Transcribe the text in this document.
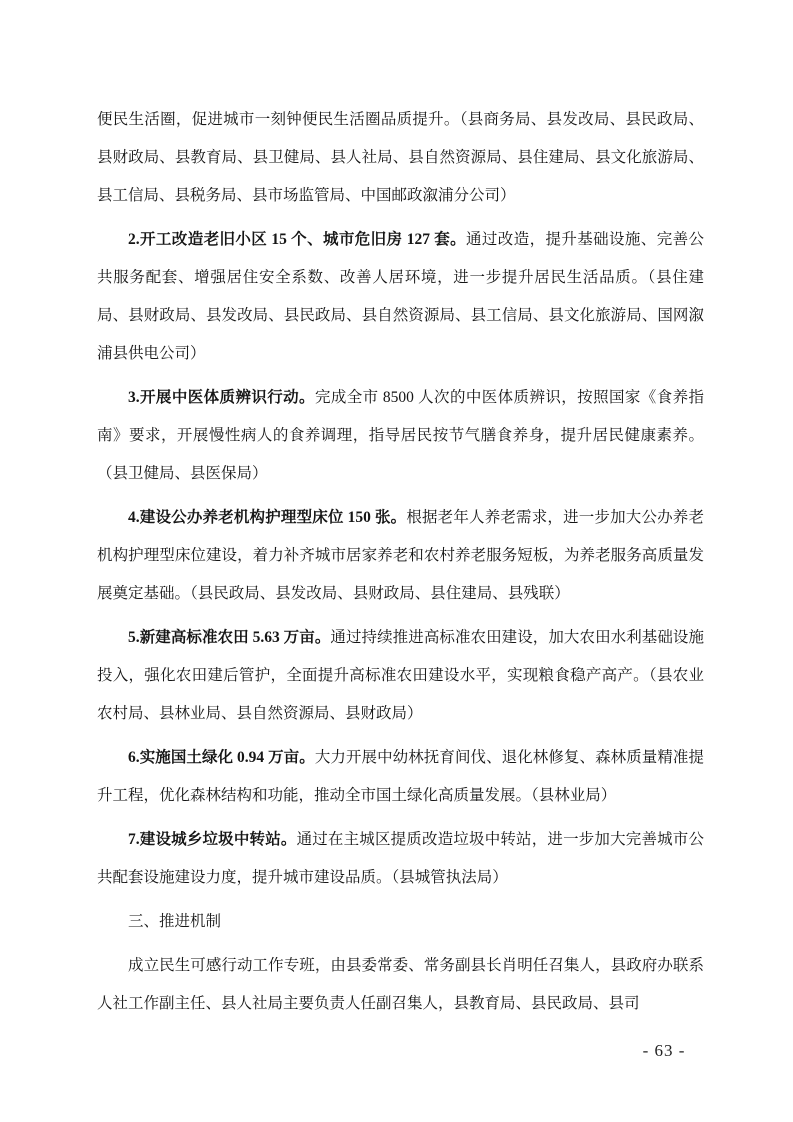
便民生活圈，促进城市一刻钟便民生活圈品质提升。（县商务局、县发改局、县民政局、县财政局、县教育局、县卫健局、县人社局、县自然资源局、县住建局、县文化旅游局、县工信局、县税务局、县市场监管局、中国邮政溆浦分公司）

2.开工改造老旧小区 15 个、城市危旧房 127 套。通过改造，提升基础设施、完善公共服务配套、增强居住安全系数、改善人居环境，进一步提升居民生活品质。（县住建局、县财政局、县发改局、县民政局、县自然资源局、县工信局、县文化旅游局、国网溆浦县供电公司）

3.开展中医体质辨识行动。完成全市 8500 人次的中医体质辨识，按照国家《食养指南》要求，开展慢性病人的食养调理，指导居民按节气膳食养身，提升居民健康素养。（县卫健局、县医保局）

4.建设公办养老机构护理型床位 150 张。根据老年人养老需求，进一步加大公办养老机构护理型床位建设，着力补齐城市居家养老和农村养老服务短板，为养老服务高质量发展奠定基础。（县民政局、县发改局、县财政局、县住建局、县残联）

5.新建高标准农田 5.63 万亩。通过持续推进高标准农田建设，加大农田水利基础设施投入，强化农田建后管护，全面提升高标准农田建设水平，实现粮食稳产高产。（县农业农村局、县林业局、县自然资源局、县财政局）

6.实施国土绿化 0.94 万亩。大力开展中幼林抚育间伐、退化林修复、森林质量精准提升工程，优化森林结构和功能，推动全市国土绿化高质量发展。（县林业局）

7.建设城乡垃圾中转站。通过在主城区提质改造垃圾中转站，进一步加大完善城市公共配套设施建设力度，提升城市建设品质。（县城管执法局）

三、推进机制

成立民生可感行动工作专班，由县委常委、常务副县长肖明任召集人，县政府办联系人社工作副主任、县人社局主要负责人任副召集人，县教育局、县民政局、县司

- 63 -
